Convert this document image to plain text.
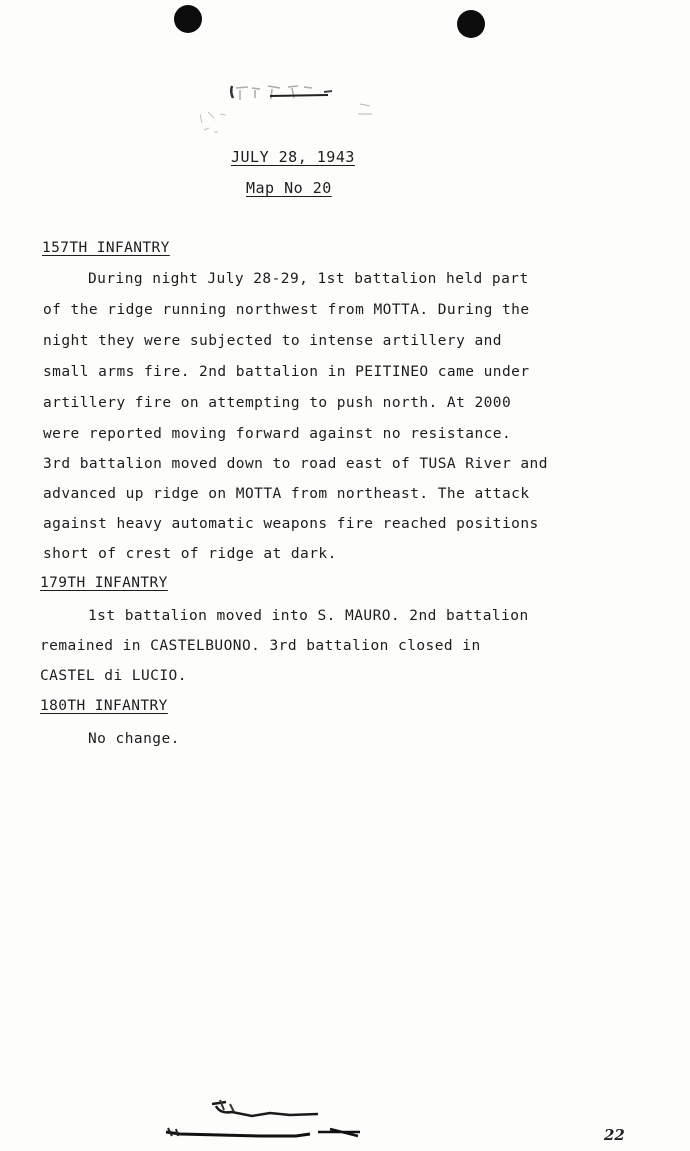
JULY 28, 1943
Map No 20
157TH INFANTRY
During night July 28-29, 1st battalion held part
of the ridge running northwest from MOTTA. During the
night they were subjected to intense artillery and
small arms fire. 2nd battalion in PEITINEO came under
artillery fire on attempting to push north. At 2000
were reported moving forward against no resistance.
3rd battalion moved down to road east of TUSA River and
advanced up ridge on MOTTA from northeast. The attack
against heavy automatic weapons fire reached positions
short of crest of ridge at dark.
179TH INFANTRY
1st battalion moved into S. MAURO. 2nd battalion
remained in CASTELBUONO. 3rd battalion closed in
CASTEL di LUCIO.
180TH INFANTRY
No change.
22
